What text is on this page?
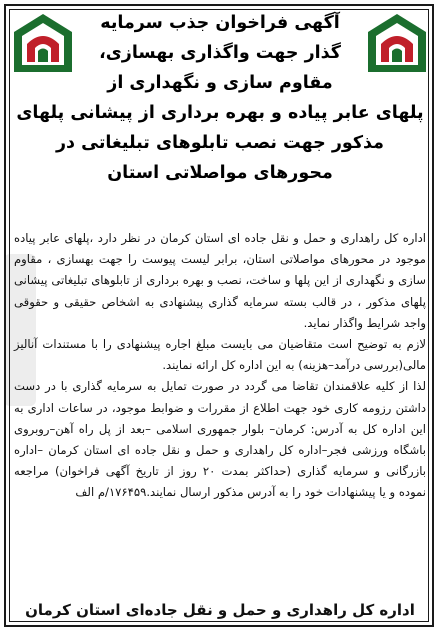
آگهی فراخوان جذب سرمایه
گذار جهت واگذاری بهسازی،
مقاوم سازی و نگهداری از
پلهای عابر پیاده و بهره برداری از پیشانی پلهای
مذکور جهت نصب تابلوهای تبلیغاتی در
محورهای مواصلاتی استان

اداره کل راهداری و حمل و نقل جاده ای استان کرمان در نظر دارد ،پلهای عابر پیاده موجود در محورهای مواصلاتی استان، برابر لیست پیوست را جهت بهسازی ، مقاوم سازی و نگهداری از این پلها و ساخت، نصب و بهره برداری از تابلوهای تبلیغاتی پیشانی پلهای مذکور ، در قالب بسته سرمایه گذاری پیشنهادی به اشخاص حقیقی و حقوقی واجد شرایط واگذار نماید.

لازم به توضیح است متقاضیان می بایست مبلغ اجاره پیشنهادی را با مستندات آنالیز مالی(بررسی درآمد–هزینه) به این اداره کل ارائه نمایند.

لذا از کلیه علاقمندان تقاضا می گردد در صورت تمایل به سرمایه گذاری با در دست داشتن رزومه کاری خود جهت اطلاع از مقررات و ضوابط موجود، در ساعات اداری به این اداره کل به آدرس: کرمان– بلوار جمهوری اسلامی –بعد از پل راه آهن–روبروی باشگاه ورزشی فجر–اداره کل راهداری و حمل و نقل جاده ای استان کرمان –اداره بازرگانی و سرمایه گذاری (حداکثر بمدت ۲۰ روز از تاریخ آگهی فراخوان) مراجعه نموده و یا پیشنهادات خود را به آدرس مذکور ارسال نمایند.۱۷۶۴۵۹/م الف

اداره کل راهداری و حمل و نقل جاده‌ای استان کرمان
